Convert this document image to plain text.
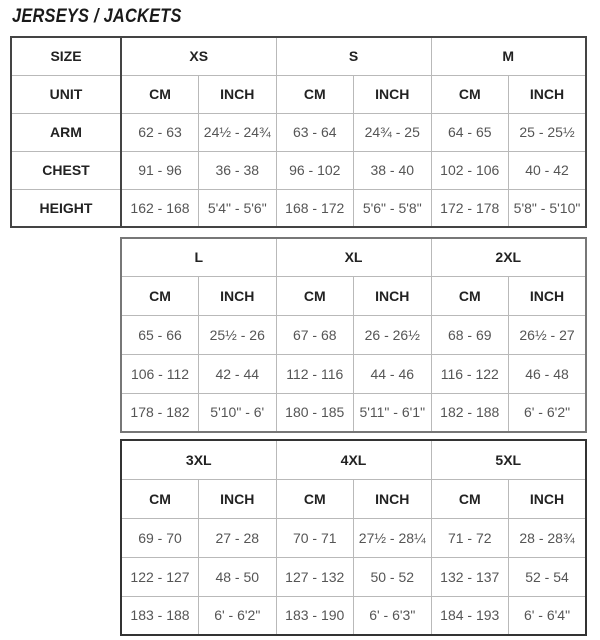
JERSEYS / JACKETS
SIZE	XS		S		M	
UNIT	CM	INCH	CM	INCH	CM	INCH
ARM	62 - 63	24½ - 24¾	63 - 64	24¾ - 25	64 - 65	25 - 25½
CHEST	91 - 96	36 - 38	96 - 102	38 - 40	102 - 106	40 - 42
HEIGHT	162 - 168	5'4" - 5'6"	168 - 172	5'6" - 5'8"	172 - 178	5'8" - 5'10"
L		XL		2XL	
CM	INCH	CM	INCH	CM	INCH
65 - 66	25½ - 26	67 - 68	26 - 26½	68 - 69	26½ - 27
106 - 112	42 - 44	112 - 116	44 - 46	116 - 122	46 - 48
178 - 182	5'10" - 6'	180 - 185	5'11" - 6'1"	182 - 188	6' - 6'2"
3XL		4XL		5XL	
CM	INCH	CM	INCH	CM	INCH
69 - 70	27 - 28	70 - 71	27½ - 28¼	71 - 72	28 - 28¾
122 - 127	48 - 50	127 - 132	50 - 52	132 - 137	52 - 54
183 - 188	6' - 6'2"	183 - 190	6' - 6'3"	184 - 193	6' - 6'4"
